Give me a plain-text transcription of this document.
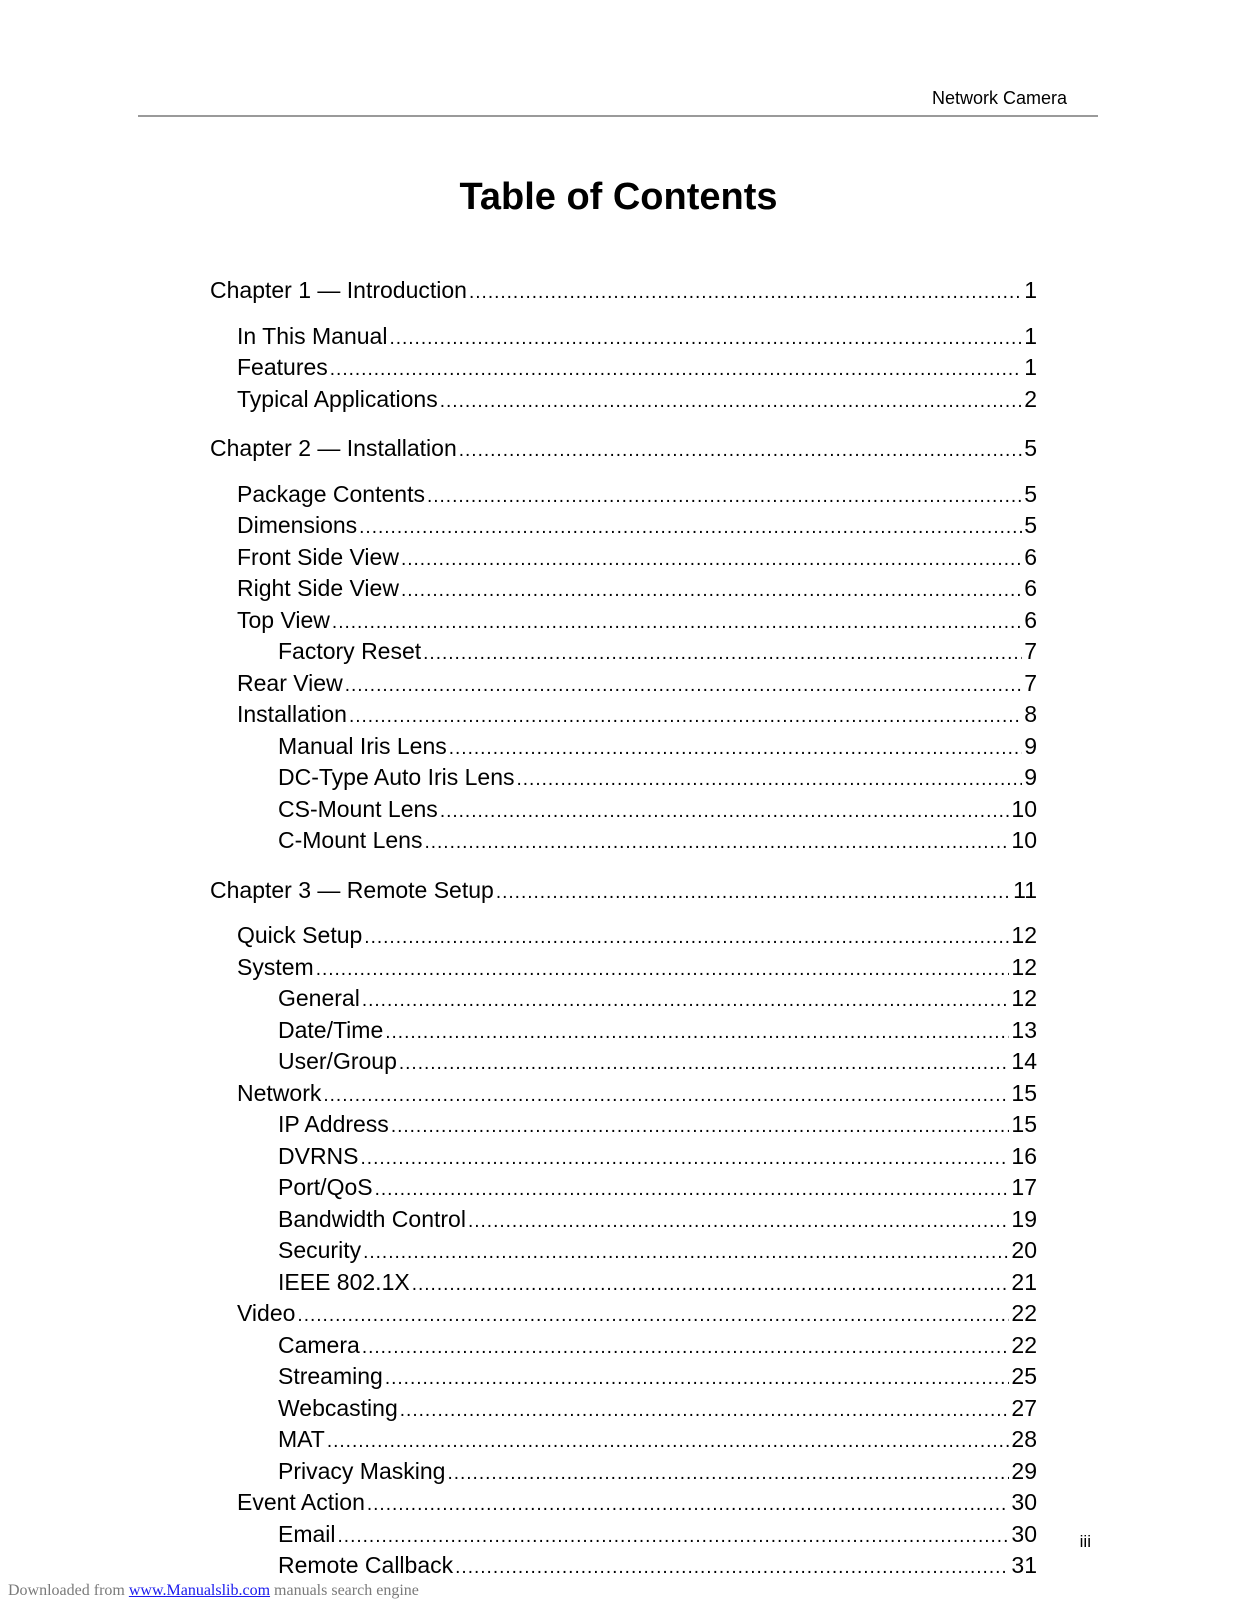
Network Camera
Table of Contents
Chapter 1 — Introduction .....	1
In This Manual .....	1
Features .....	1
Typical Applications .....	2
Chapter 2 — Installation .....	5
Package Contents .....	5
Dimensions .....	5
Front Side View .....	6
Right Side View .....	6
Top View .....	6
Factory Reset .....	7
Rear View .....	7
Installation .....	8
Manual Iris Lens .....	9
DC-Type Auto Iris Lens .....	9
CS-Mount Lens .....	10
C-Mount Lens .....	10
Chapter 3 — Remote Setup .....	11
Quick Setup .....	12
System .....	12
General .....	12
Date/Time .....	13
User/Group .....	14
Network .....	15
IP Address .....	15
DVRNS .....	16
Port/QoS .....	17
Bandwidth Control .....	19
Security .....	20
IEEE 802.1X .....	21
Video .....	22
Camera .....	22
Streaming .....	25
Webcasting .....	27
MAT .....	28
Privacy Masking .....	29
Event Action .....	30
Email .....	30
Remote Callback .....	31
iii
Downloaded from www.Manualslib.com manuals search engine
